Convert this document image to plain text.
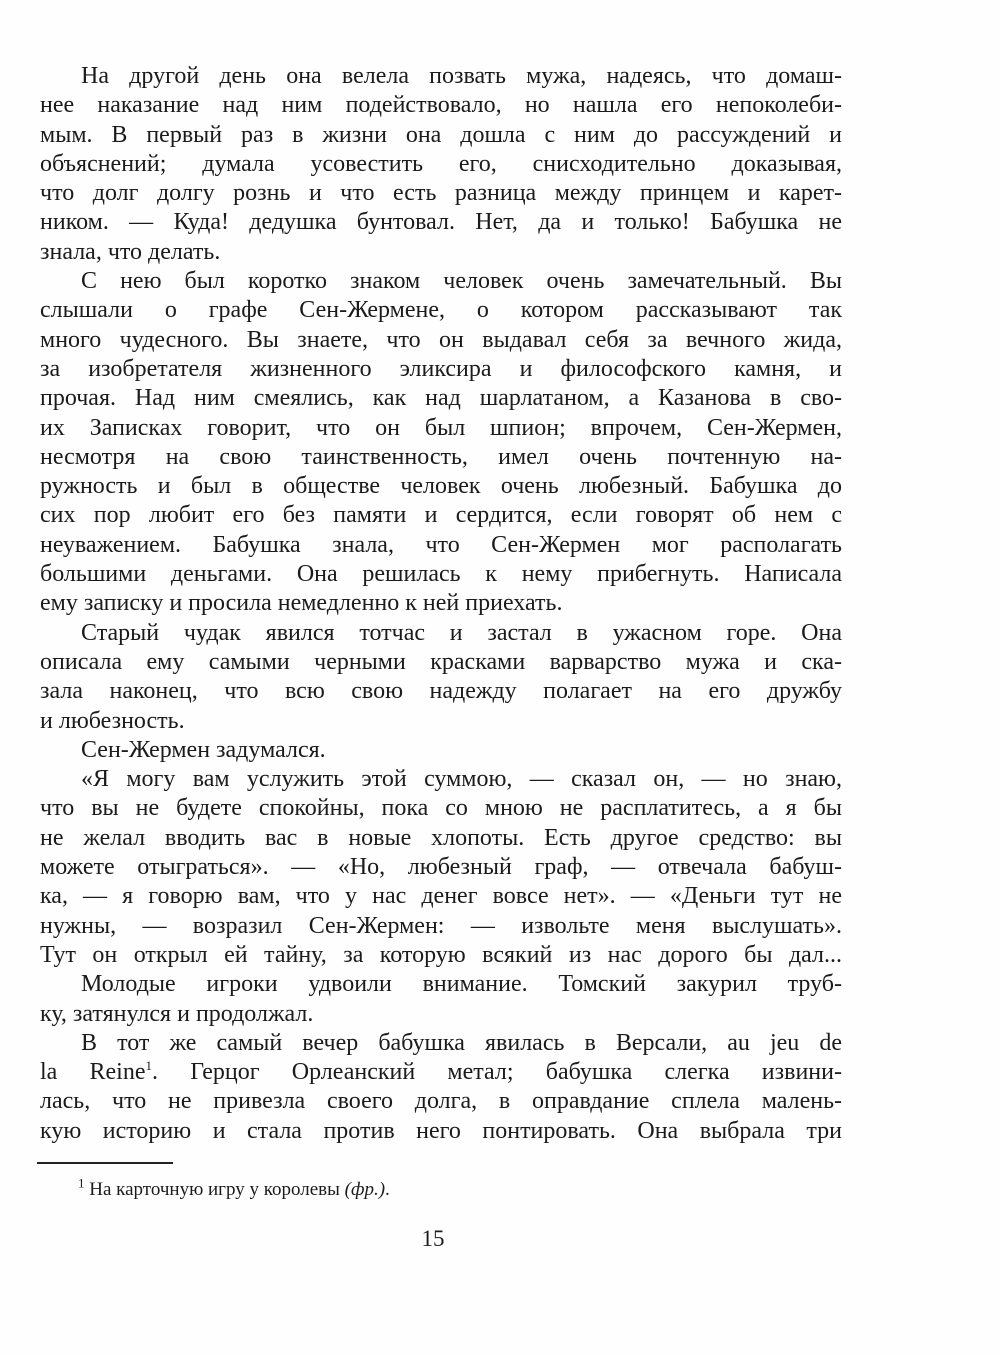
На другой день она велела позвать мужа, надеясь, что домаш-
нее наказание над ним подействовало, но нашла его непоколеби-
мым. В первый раз в жизни она дошла с ним до рассуждений и
объяснений; думала усовестить его, снисходительно доказывая,
что долг долгу рознь и что есть разница между принцем и карет-
ником. — Куда! дедушка бунтовал. Нет, да и только! Бабушка не
знала, что делать.
С нею был коротко знаком человек очень замечательный. Вы
слышали о графе Сен-Жермене, о котором рассказывают так
много чудесного. Вы знаете, что он выдавал себя за вечного жида,
за изобретателя жизненного эликсира и философского камня, и
прочая. Над ним смеялись, как над шарлатаном, а Казанова в сво-
их Записках говорит, что он был шпион; впрочем, Сен-Жермен,
несмотря на свою таинственность, имел очень почтенную на-
ружность и был в обществе человек очень любезный. Бабушка до
сих пор любит его без памяти и сердится, если говорят об нем с
неуважением. Бабушка знала, что Сен-Жермен мог располагать
большими деньгами. Она решилась к нему прибегнуть. Написала
ему записку и просила немедленно к ней приехать.
Старый чудак явился тотчас и застал в ужасном горе. Она
описала ему самыми черными красками варварство мужа и ска-
зала наконец, что всю свою надежду полагает на его дружбу
и любезность.
Сен-Жермен задумался.
«Я могу вам услужить этой суммою, — сказал он, — но знаю,
что вы не будете спокойны, пока со мною не расплатитесь, а я бы
не желал вводить вас в новые хлопоты. Есть другое средство: вы
можете отыграться». — «Но, любезный граф, — отвечала бабуш-
ка, — я говорю вам, что у нас денег вовсе нет». — «Деньги тут не
нужны, — возразил Сен-Жермен: — извольте меня выслушать».
Тут он открыл ей тайну, за которую всякий из нас дорого бы дал...
Молодые игроки удвоили внимание. Томский закурил труб-
ку, затянулся и продолжал.
В тот же самый вечер бабушка явилась в Версали, au jeu de
la Reine$^1$. Герцог Орлеанский метал; бабушка слегка извини-
лась, что не привезла своего долга, в оправдание сплела малень-
кую историю и стала против него понтировать. Она выбрала три
$^1$ На карточную игру у королевы (фр.).
15
